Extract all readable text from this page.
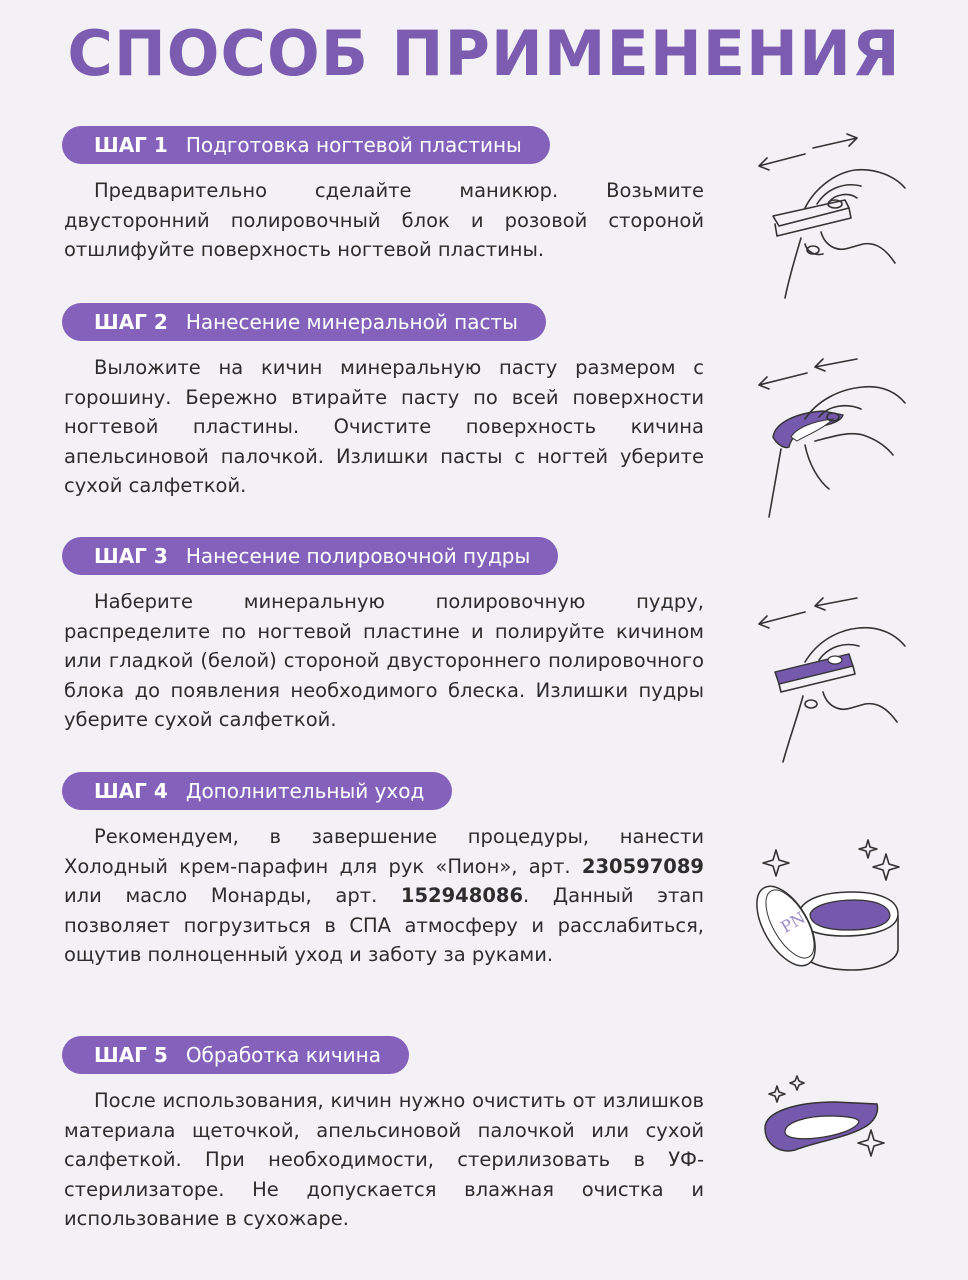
СПОСОБ ПРИМЕНЕНИЯ
ШАГ 1 Подготовка ногтевой пластины
Предварительно сделайте маникюр. Возьмите двусторонний полировочный блок и розовой стороной отшлифуйте поверхность ногтевой пластины.
ШАГ 2 Нанесение минеральной пасты
Выложите на кичин минеральную пасту размером с горошину. Бережно втирайте пасту по всей поверхности ногтевой пластины. Очистите поверхность кичина апельсиновой палочкой. Излишки пасты с ногтей уберите сухой салфеткой.
ШАГ 3 Нанесение полировочной пудры
Наберите минеральную полировочную пудру, распределите по ногтевой пластине и полируйте кичином или гладкой (белой) стороной двустороннего полировочного блока до появления необходимого блеска. Излишки пудры уберите сухой салфеткой.
ШАГ 4 Дополнительный уход
Рекомендуем, в завершение процедуры, нанести Холодный крем-парафин для рук «Пион», арт. 230597089 или масло Монарды, арт. 152948086. Данный этап позволяет погрузиться в СПА атмосферу и расслабиться, ощутив полноценный уход и заботу за руками.
ШАГ 5 Обработка кичина
После использования, кичин нужно очистить от излишков материала щеточкой, апельсиновой палочкой или сухой салфеткой. При необходимости, стерилизовать в УФ-стерилизаторе. Не допускается влажная очистка и использование в сухожаре.
PN
